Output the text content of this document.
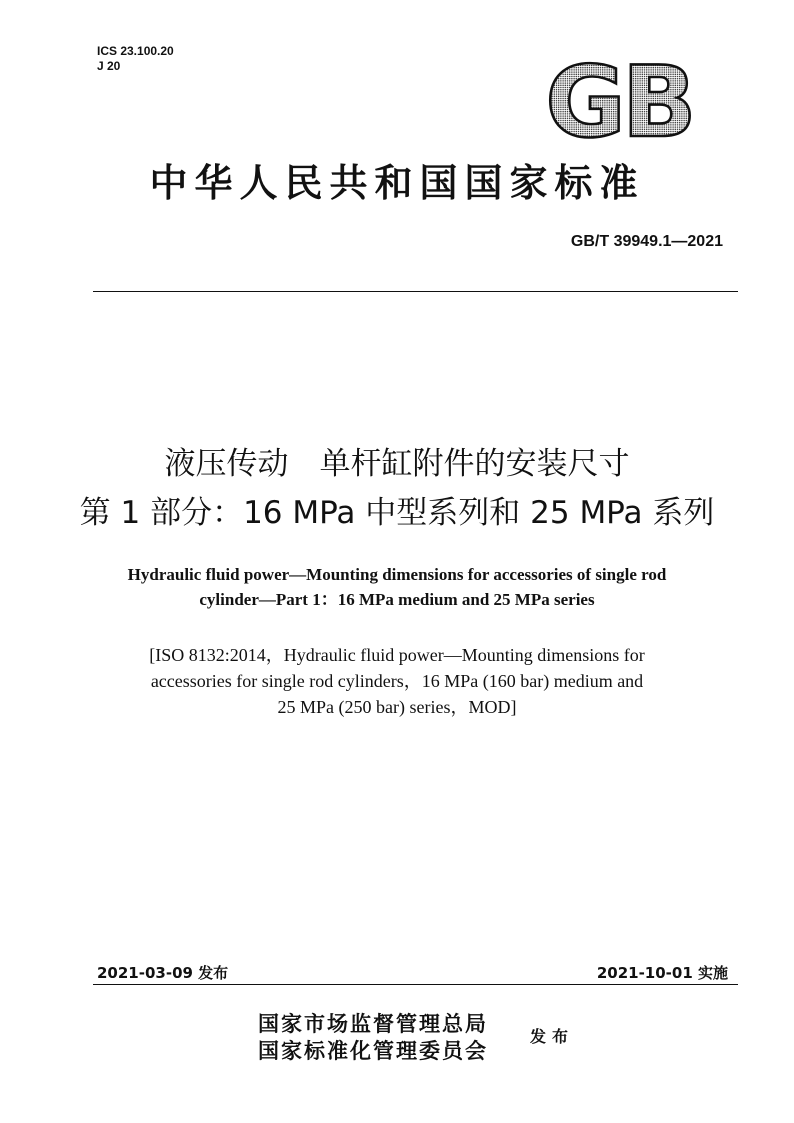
ICS 23.100.20
J 20	GB
中华人民共和国国家标准
GB/T 39949.1—2021
液压传动　单杆缸附件的安装尺寸
第 1 部分：16 MPa 中型系列和 25 MPa 系列
Hydraulic fluid power—Mounting dimensions for accessories of single rod
cylinder—Part 1：16 MPa medium and 25 MPa series
[ISO 8132:2014，Hydraulic fluid power—Mounting dimensions for
accessories for single rod cylinders，16 MPa (160 bar) medium and
25 MPa (250 bar) series，MOD]
2021-03-09 发布	2021-10-01 实施
国家市场监督管理总局
国家标准化管理委员会
发布
